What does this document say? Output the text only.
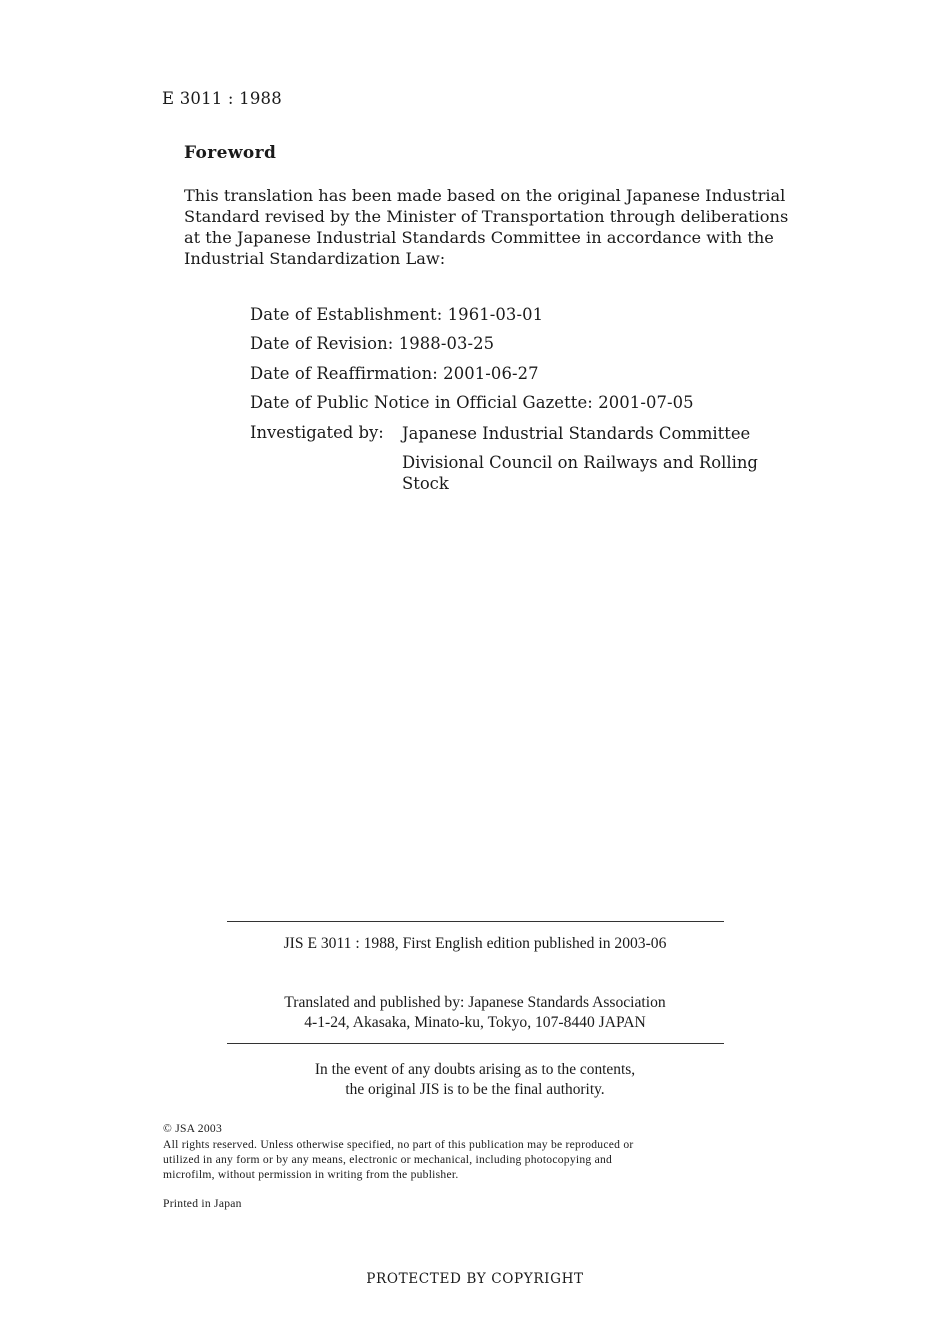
E 3011 : 1988

Foreword
This translation has been made based on the original Japanese Industrial
Standard revised by the Minister of Transportation through deliberations
at the Japanese Industrial Standards Committee in accordance with the
Industrial Standardization Law:

Date of Establishment: 1961-03-01

Date of Revision: 1988-03-25

Date of Reaffirmation: 2001-06-27

Date of Public Notice in Official Gazette: 2001-07-05

Investigated by: Japanese Industrial Standards Committee
Divisional Council on Railways and Rolling
Stock

JIS E 3011 : 1988, First English edition published in 2003-06

Translated and published by: Japanese Standards Association
4-1-24, Akasaka, Minato-ku, Tokyo, 107-8440 JAPAN
In the event of any doubts arising as to the contents,
the original JIS is to be the final authority.

© JSA 2003

All rights reserved. Unless otherwise specified, no part of this publication may be reproduced or
utilized in any form or by any means, electronic or mechanical, including photocopying and
microfilm, without permission in writing from the publisher.

Printed in Japan

PROTECTED BY COPYRIGHT
